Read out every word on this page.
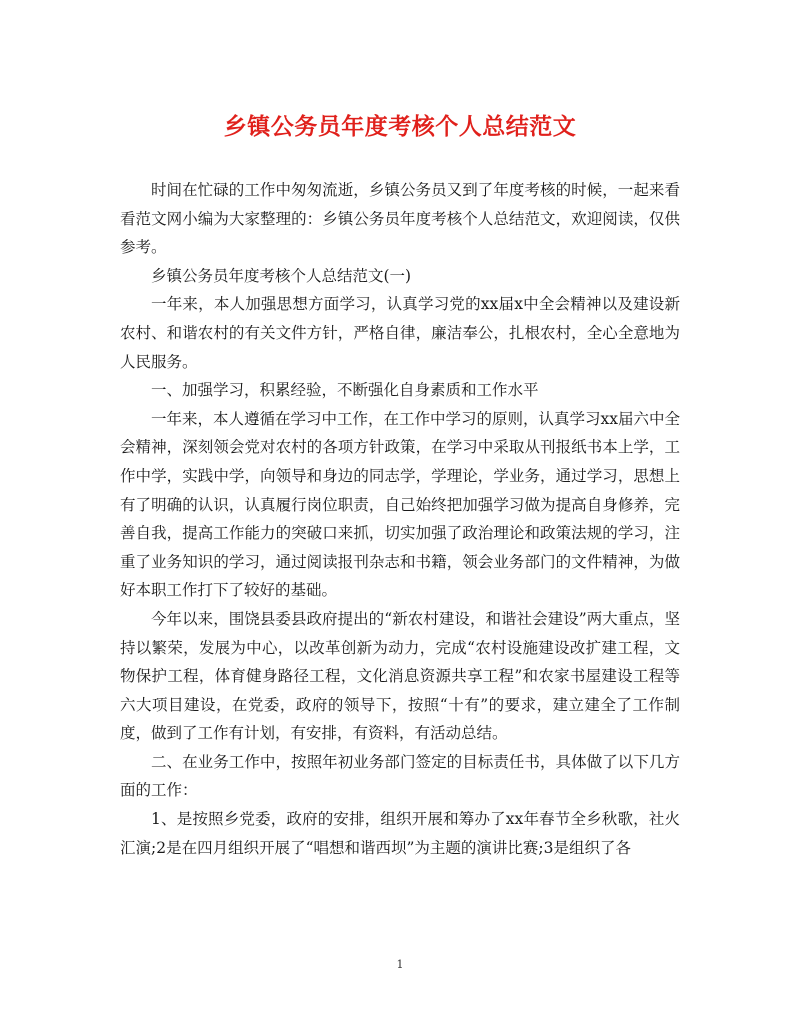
乡镇公务员年度考核个人总结范文

时间在忙碌的工作中匆匆流逝，乡镇公务员又到了年度考核的时候，一起来看看范文网小编为大家整理的：乡镇公务员年度考核个人总结范文，欢迎阅读，仅供参考。

乡镇公务员年度考核个人总结范文(一)

一年来，本人加强思想方面学习，认真学习党的xx届x中全会精神以及建设新农村、和谐农村的有关文件方针，严格自律，廉洁奉公，扎根农村，全心全意地为人民服务。

一、加强学习，积累经验，不断强化自身素质和工作水平

一年来，本人遵循在学习中工作，在工作中学习的原则，认真学习xx届六中全会精神，深刻领会党对农村的各项方针政策，在学习中采取从刊报纸书本上学，工作中学，实践中学，向领导和身边的同志学，学理论，学业务，通过学习，思想上有了明确的认识，认真履行岗位职责，自己始终把加强学习做为提高自身修养，完善自我，提高工作能力的突破口来抓，切实加强了政治理论和政策法规的学习，注重了业务知识的学习，通过阅读报刊杂志和书籍，领会业务部门的文件精神，为做好本职工作打下了较好的基础。

今年以来，围饶县委县政府提出的“新农村建设，和谐社会建设”两大重点，坚持以繁荣，发展为中心，以改革创新为动力，完成“农村设施建设改扩建工程，文物保护工程，体育健身路径工程，文化消息资源共享工程”和农家书屋建设工程等六大项目建设，在党委，政府的领导下，按照“十有”的要求，建立建全了工作制度，做到了工作有计划，有安排，有资料，有活动总结。

二、在业务工作中，按照年初业务部门签定的目标责任书，具体做了以下几方面的工作：

1、是按照乡党委，政府的安排，组织开展和筹办了xx年春节全乡秋歌，社火汇演;2是在四月组织开展了“唱想和谐西坝”为主题的演讲比赛;3是组织了各

1
